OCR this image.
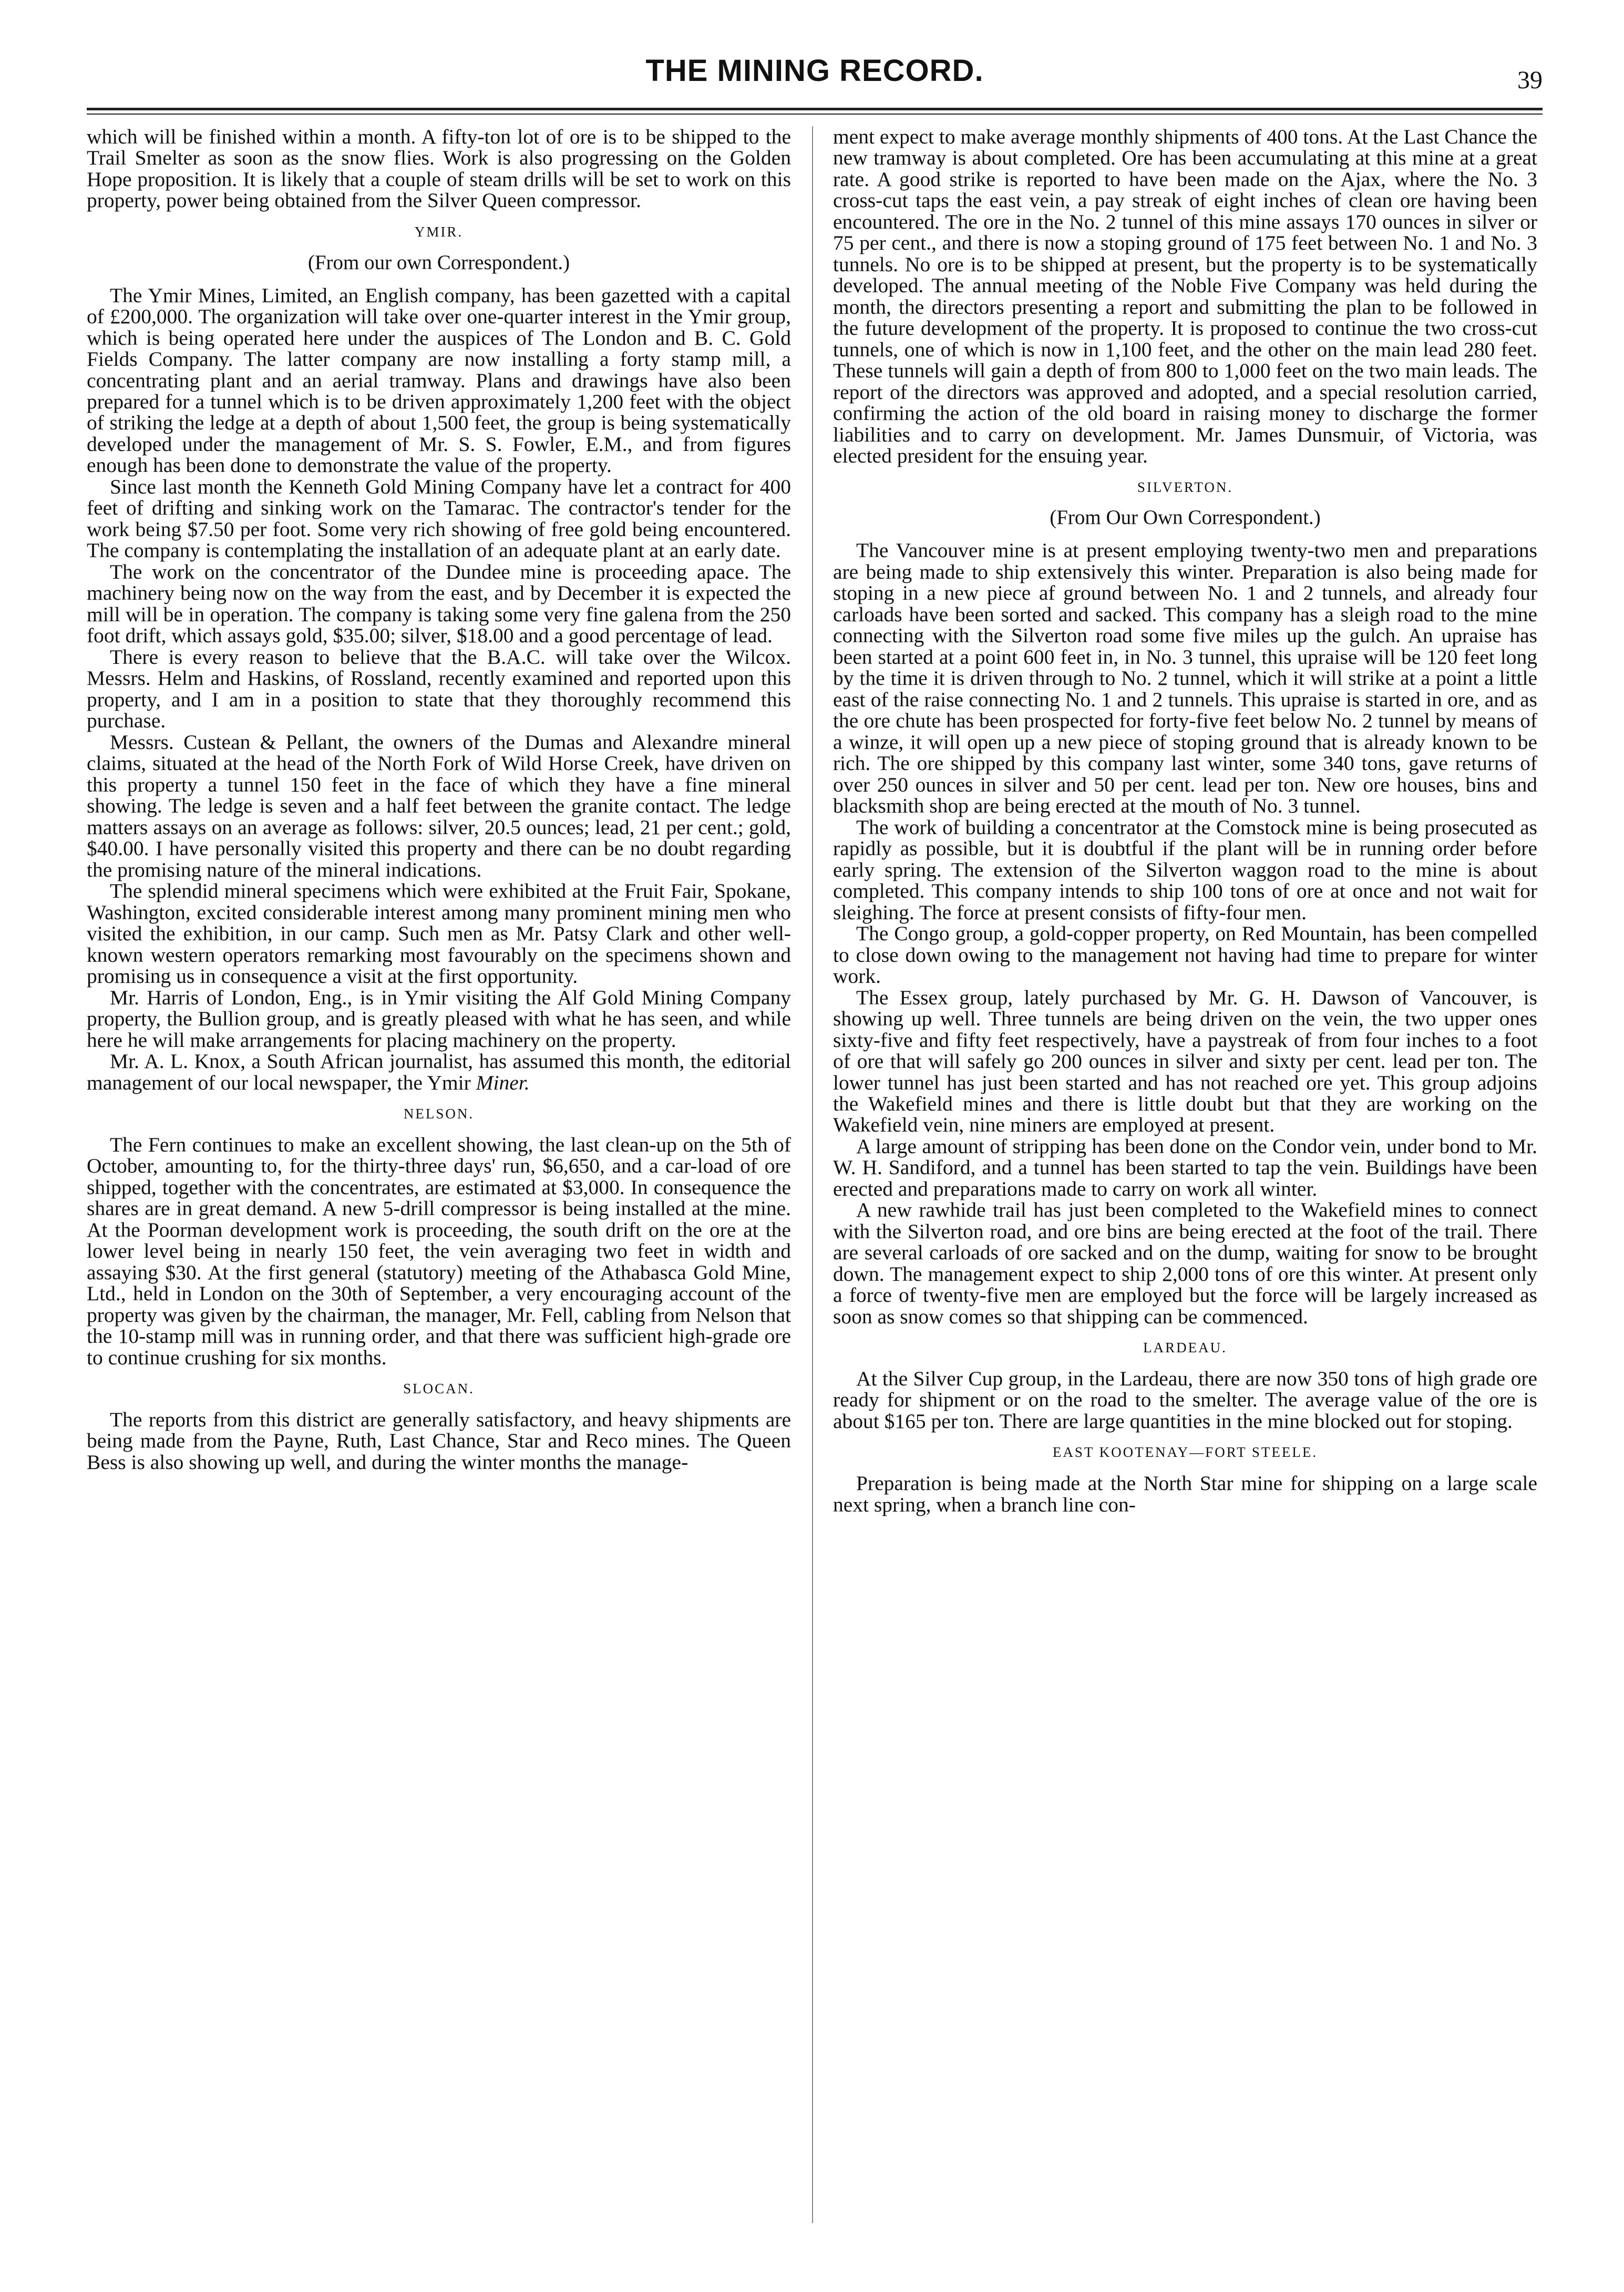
THE MINING RECORD.	39

which will be finished within a month. A fifty-ton lot of ore is to be shipped to the Trail Smelter as soon as the snow flies. Work is also progressing on the Golden Hope proposition. It is likely that a couple of steam drills will be set to work on this property, power being obtained from the Silver Queen compressor.

YMIR.
(From our own Correspondent.)

The Ymir Mines, Limited, an English company, has been gazetted with a capital of £200,000. The organization will take over one-quarter interest in the Ymir group, which is being operated here under the auspices of The London and B. C. Gold Fields Company. The latter company are now installing a forty stamp mill, a concentrating plant and an aerial tramway. Plans and drawings have also been prepared for a tunnel which is to be driven approximately 1,200 feet with the object of striking the ledge at a depth of about 1,500 feet, the group is being systematically developed under the management of Mr. S. S. Fowler, E.M., and from figures enough has been done to demonstrate the value of the property.

Since last month the Kenneth Gold Mining Company have let a contract for 400 feet of drifting and sinking work on the Tamarac. The contractor's tender for the work being $7.50 per foot. Some very rich showing of free gold being encountered. The company is contemplating the installation of an adequate plant at an early date.

The work on the concentrator of the Dundee mine is proceeding apace. The machinery being now on the way from the east, and by December it is expected the mill will be in operation. The company is taking some very fine galena from the 250 foot drift, which assays gold, $35.00; silver, $18.00 and a good percentage of lead.

There is every reason to believe that the B.A.C. will take over the Wilcox. Messrs. Helm and Haskins, of Rossland, recently examined and reported upon this property, and I am in a position to state that they thoroughly recommend this purchase.

Messrs. Custean & Pellant, the owners of the Dumas and Alexandre mineral claims, situated at the head of the North Fork of Wild Horse Creek, have driven on this property a tunnel 150 feet in the face of which they have a fine mineral showing. The ledge is seven and a half feet between the granite contact. The ledge matters assays on an average as follows: silver, 20.5 ounces; lead, 21 per cent.; gold, $40.00. I have personally visited this property and there can be no doubt regarding the promising nature of the mineral indications.

The splendid mineral specimens which were exhibited at the Fruit Fair, Spokane, Washington, excited considerable interest among many prominent mining men who visited the exhibition, in our camp. Such men as Mr. Patsy Clark and other well-known western operators remarking most favourably on the specimens shown and promising us in consequence a visit at the first opportunity.

Mr. Harris of London, Eng., is in Ymir visiting the Alf Gold Mining Company property, the Bullion group, and is greatly pleased with what he has seen, and while here he will make arrangements for placing machinery on the property.

Mr. A. L. Knox, a South African journalist, has assumed this month, the editorial management of our local newspaper, the Ymir Miner.

NELSON.

The Fern continues to make an excellent showing, the last clean-up on the 5th of October, amounting to, for the thirty-three days' run, $6,650, and a car-load of ore shipped, together with the concentrates, are estimated at $3,000. In consequence the shares are in great demand. A new 5-drill compressor is being installed at the mine. At the Poorman development work is proceeding, the south drift on the ore at the lower level being in nearly 150 feet, the vein averaging two feet in width and assaying $30. At the first general (statutory) meeting of the Athabasca Gold Mine, Ltd., held in London on the 30th of September, a very encouraging account of the property was given by the chairman, the manager, Mr. Fell, cabling from Nelson that the 10-stamp mill was in running order, and that there was sufficient high-grade ore to continue crushing for six months.

SLOCAN.

The reports from this district are generally satisfactory, and heavy shipments are being made from the Payne, Ruth, Last Chance, Star and Reco mines. The Queen Bess is also showing up well, and during the winter months the manage-

ment expect to make average monthly shipments of 400 tons. At the Last Chance the new tramway is about completed. Ore has been accumulating at this mine at a great rate. A good strike is reported to have been made on the Ajax, where the No. 3 cross-cut taps the east vein, a pay streak of eight inches of clean ore having been encountered. The ore in the No. 2 tunnel of this mine assays 170 ounces in silver or 75 per cent., and there is now a stoping ground of 175 feet between No. 1 and No. 3 tunnels. No ore is to be shipped at present, but the property is to be systematically developed. The annual meeting of the Noble Five Company was held during the month, the directors presenting a report and submitting the plan to be followed in the future development of the property. It is proposed to continue the two cross-cut tunnels, one of which is now in 1,100 feet, and the other on the main lead 280 feet. These tunnels will gain a depth of from 800 to 1,000 feet on the two main leads. The report of the directors was approved and adopted, and a special resolution carried, confirming the action of the old board in raising money to discharge the former liabilities and to carry on development. Mr. James Dunsmuir, of Victoria, was elected president for the ensuing year.

SILVERTON.
(From Our Own Correspondent.)

The Vancouver mine is at present employing twenty-two men and preparations are being made to ship extensively this winter. Preparation is also being made for stoping in a new piece af ground between No. 1 and 2 tunnels, and already four carloads have been sorted and sacked. This company has a sleigh road to the mine connecting with the Silverton road some five miles up the gulch. An upraise has been started at a point 600 feet in, in No. 3 tunnel, this upraise will be 120 feet long by the time it is driven through to No. 2 tunnel, which it will strike at a point a little east of the raise connecting No. 1 and 2 tunnels. This upraise is started in ore, and as the ore chute has been prospected for forty-five feet below No. 2 tunnel by means of a winze, it will open up a new piece of stoping ground that is already known to be rich. The ore shipped by this company last winter, some 340 tons, gave returns of over 250 ounces in silver and 50 per cent. lead per ton. New ore houses, bins and blacksmith shop are being erected at the mouth of No. 3 tunnel.

The work of building a concentrator at the Comstock mine is being prosecuted as rapidly as possible, but it is doubtful if the plant will be in running order before early spring. The extension of the Silverton waggon road to the mine is about completed. This company intends to ship 100 tons of ore at once and not wait for sleighing. The force at present consists of fifty-four men.

The Congo group, a gold-copper property, on Red Mountain, has been compelled to close down owing to the management not having had time to prepare for winter work.

The Essex group, lately purchased by Mr. G. H. Dawson of Vancouver, is showing up well. Three tunnels are being driven on the vein, the two upper ones sixty-five and fifty feet respectively, have a paystreak of from four inches to a foot of ore that will safely go 200 ounces in silver and sixty per cent. lead per ton. The lower tunnel has just been started and has not reached ore yet. This group adjoins the Wakefield mines and there is little doubt but that they are working on the Wakefield vein, nine miners are employed at present.

A large amount of stripping has been done on the Condor vein, under bond to Mr. W. H. Sandiford, and a tunnel has been started to tap the vein. Buildings have been erected and preparations made to carry on work all winter.

A new rawhide trail has just been completed to the Wakefield mines to connect with the Silverton road, and ore bins are being erected at the foot of the trail. There are several carloads of ore sacked and on the dump, waiting for snow to be brought down. The management expect to ship 2,000 tons of ore this winter. At present only a force of twenty-five men are employed but the force will be largely increased as soon as snow comes so that shipping can be commenced.

LARDEAU.

At the Silver Cup group, in the Lardeau, there are now 350 tons of high grade ore ready for shipment or on the road to the smelter. The average value of the ore is about $165 per ton. There are large quantities in the mine blocked out for stoping.

EAST KOOTENAY—FORT STEELE.

Preparation is being made at the North Star mine for shipping on a large scale next spring, when a branch line con-
